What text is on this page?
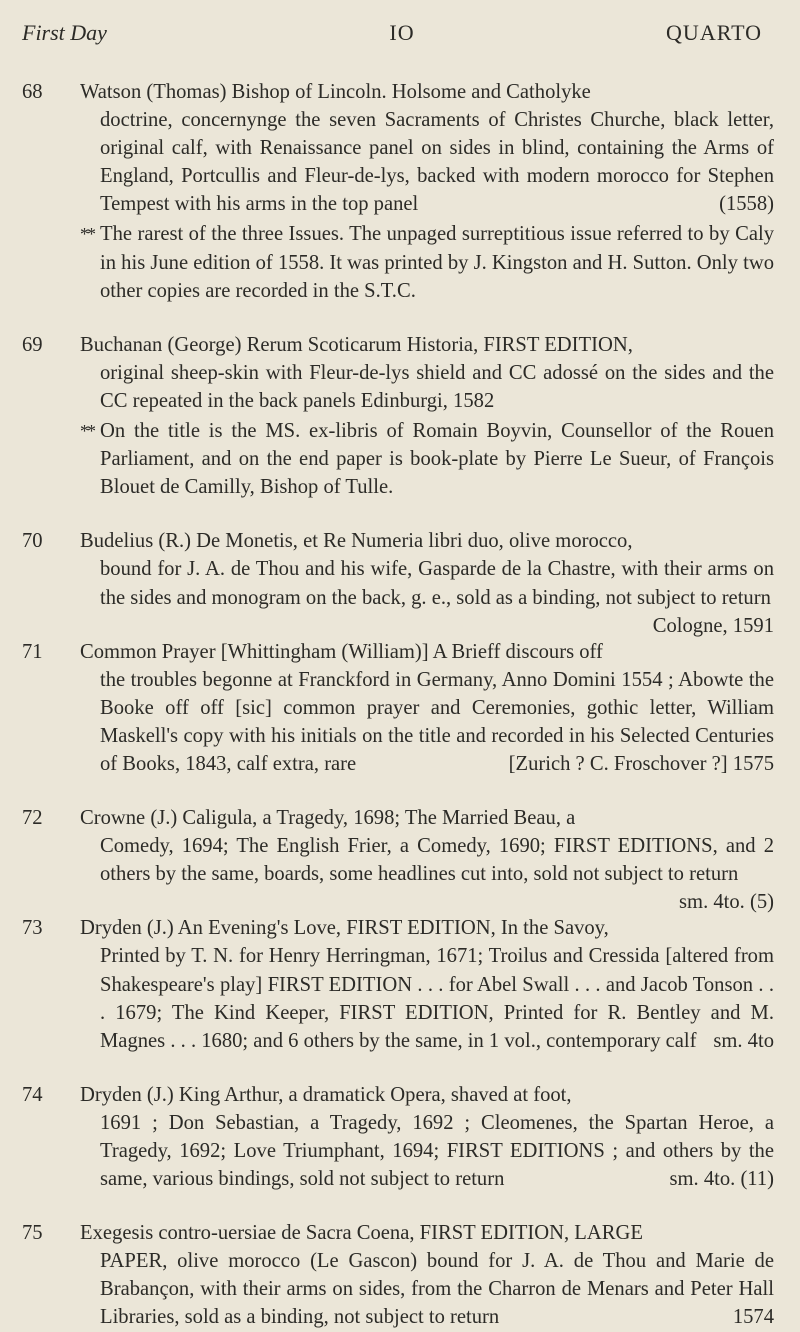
First Day	IO	QUARTO
68	Watson (Thomas) Bishop of Lincoln. Holsome and Catholyke
doctrine, concernynge the seven Sacraments of Christes Churche, black letter, original calf, with Renaissance panel on sides in blind, containing the Arms of England, Portcullis and Fleur-de-lys, backed with modern morocco for Stephen Tempest with his arms in the top panel	(1558)
** The rarest of the three Issues. The unpaged surreptitious issue referred to by Caly in his June edition of 1558. It was printed by J. Kingston and H. Sutton. Only two other copies are recorded in the S.T.C.
69	Buchanan (George) Rerum Scoticarum Historia, FIRST EDITION,
original sheep-skin with Fleur-de-lys shield and CC adossé on the sides and the CC repeated in the back panels Edinburgi, 1582
** On the title is the MS. ex-libris of Romain Boyvin, Counsellor of the Rouen Parliament, and on the end paper is book-plate by Pierre Le Sueur, of François Blouet de Camilly, Bishop of Tulle.
70	Budelius (R.) De Monetis, et Re Numeria libri duo, olive morocco,
bound for J. A. de Thou and his wife, Gasparde de la Chastre, with their arms on the sides and monogram on the back, g. e., sold as a binding, not subject to return
Cologne, 1591
71	Common Prayer [Whittingham (William)] A Brieff discours off
the troubles begonne at Franckford in Germany, Anno Domini 1554 ; Abowte the Booke off off [sic] common prayer and Ceremonies, gothic letter, William Maskell's copy with his initials on the title and recorded in his Selected Centuries of Books, 1843, calf extra, rare	[Zurich ? C. Froschover ?] 1575
72	Crowne (J.) Caligula, a Tragedy, 1698; The Married Beau, a
Comedy, 1694; The English Frier, a Comedy, 1690; FIRST EDITIONS, and 2 others by the same, boards, some headlines cut into, sold not subject to return
sm. 4to. (5)
73	Dryden (J.) An Evening's Love, FIRST EDITION, In the Savoy,
Printed by T. N. for Henry Herringman, 1671; Troilus and Cressida [altered from Shakespeare's play] FIRST EDITION . . . for Abel Swall . . . and Jacob Tonson . . . 1679; The Kind Keeper, FIRST EDITION, Printed for R. Bentley and M. Magnes . . . 1680; and 6 others by the same, in 1 vol., contemporary calf sm. 4to
74	Dryden (J.) King Arthur, a dramatick Opera, shaved at foot,
1691 ; Don Sebastian, a Tragedy, 1692 ; Cleomenes, the Spartan Heroe, a Tragedy, 1692; Love Triumphant, 1694; FIRST EDITIONS ; and others by the same, various bindings, sold not subject to return	sm. 4to. (11)
75	Exegesis contro-uersiae de Sacra Coena, FIRST EDITION, LARGE
PAPER, olive morocco (Le Gascon) bound for J. A. de Thou and Marie de Brabançon, with their arms on sides, from the Charron de Menars and Peter Hall Libraries, sold as a binding, not subject to return	1574
